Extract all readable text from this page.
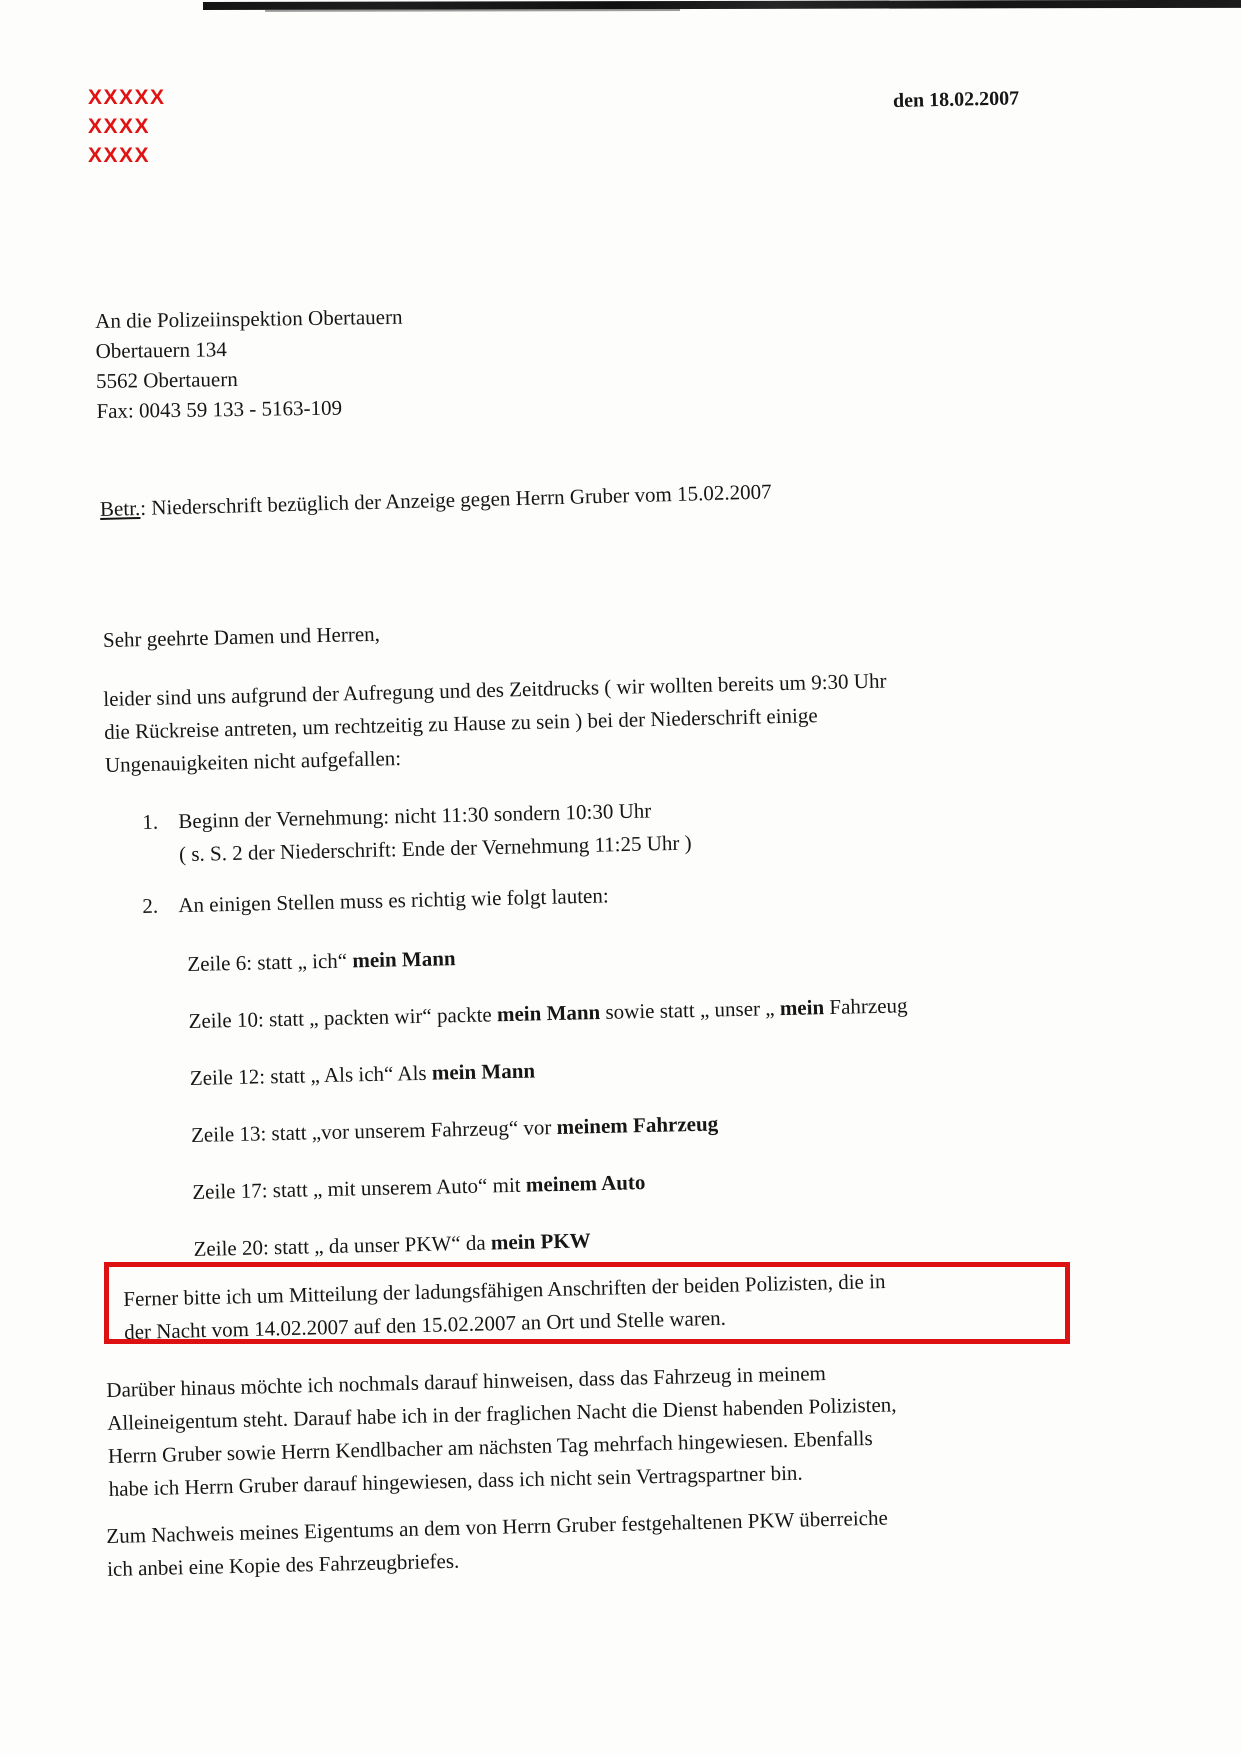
XXXXX
XXXX
XXXX
den 18.02.2007
An die Polizeiinspektion Obertauern
Obertauern 134
5562 Obertauern
Fax: 0043 59 133 - 5163-109
Betr.: Niederschrift bezüglich der Anzeige gegen Herrn Gruber vom 15.02.2007
Sehr geehrte Damen und Herren,
leider sind uns aufgrund der Aufregung und des Zeitdrucks ( wir wollten bereits um 9:30 Uhr
die Rückreise antreten, um rechtzeitig zu Hause zu sein ) bei der Niederschrift einige
Ungenauigkeiten nicht aufgefallen:
1. Beginn der Vernehmung: nicht 11:30 sondern 10:30 Uhr
( s. S. 2 der Niederschrift: Ende der Vernehmung 11:25 Uhr )
2. An einigen Stellen muss es richtig wie folgt lauten:
Zeile 6: statt „ ich“ mein Mann
Zeile 10: statt „ packten wir“ packte mein Mann sowie statt „ unser „ mein Fahrzeug
Zeile 12: statt „ Als ich“ Als mein Mann
Zeile 13: statt „vor unserem Fahrzeug“ vor meinem Fahrzeug
Zeile 17: statt „ mit unserem Auto“ mit meinem Auto
Zeile 20: statt „ da unser PKW“ da mein PKW
Ferner bitte ich um Mitteilung der ladungsfähigen Anschriften der beiden Polizisten, die in
der Nacht vom 14.02.2007 auf den 15.02.2007 an Ort und Stelle waren.
Darüber hinaus möchte ich nochmals darauf hinweisen, dass das Fahrzeug in meinem
Alleineigentum steht. Darauf habe ich in der fraglichen Nacht die Dienst habenden Polizisten,
Herrn Gruber sowie Herrn Kendlbacher am nächsten Tag mehrfach hingewiesen. Ebenfalls
habe ich Herrn Gruber darauf hingewiesen, dass ich nicht sein Vertragspartner bin.
Zum Nachweis meines Eigentums an dem von Herrn Gruber festgehaltenen PKW überreiche
ich anbei eine Kopie des Fahrzeugbriefes.
